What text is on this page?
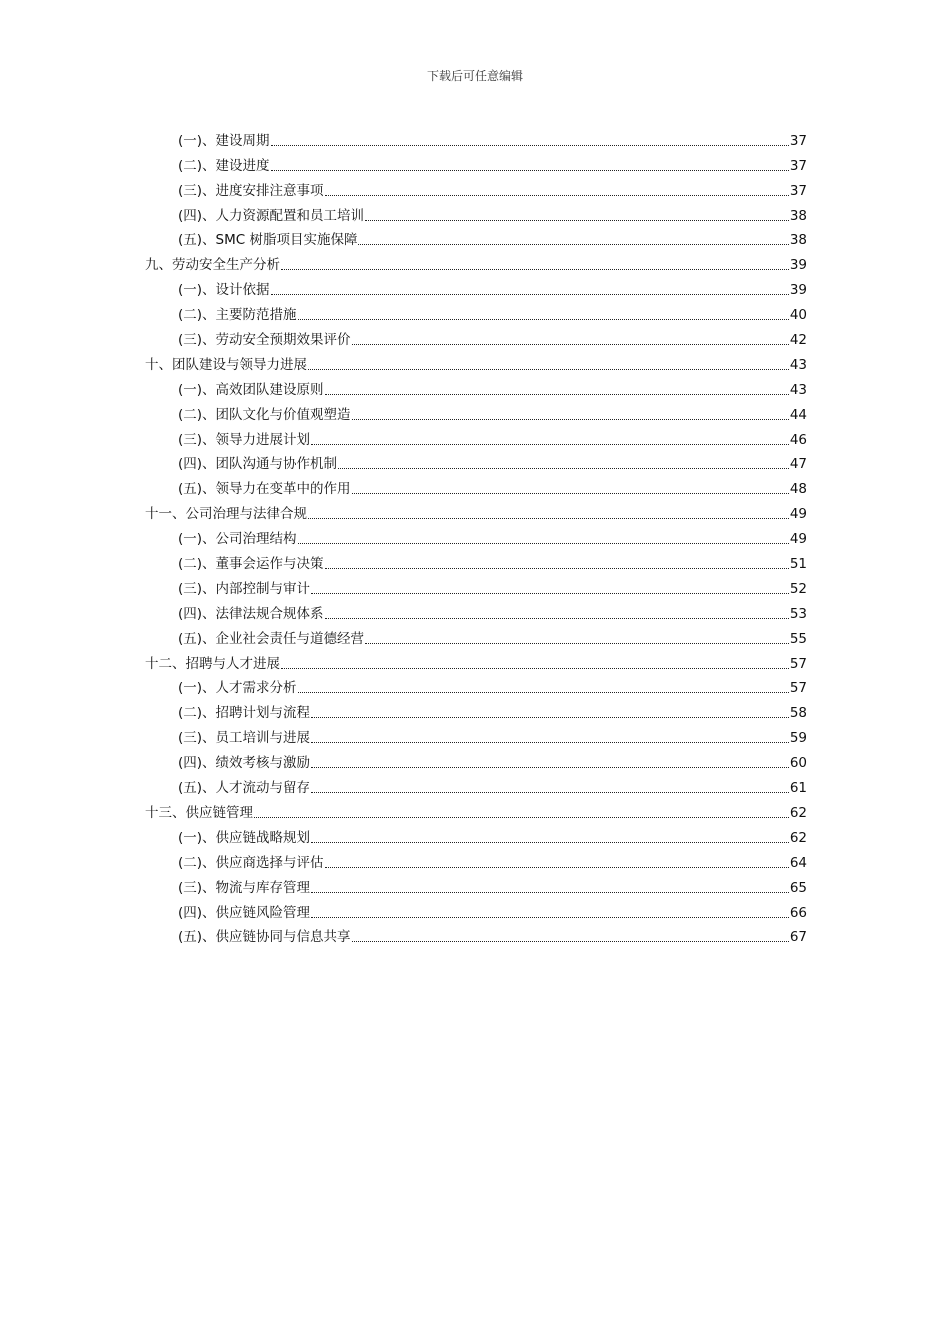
下载后可任意编辑
(一)、建设周期	37
(二)、建设进度	37
(三)、进度安排注意事项	37
(四)、人力资源配置和员工培训	38
(五)、SMC 树脂项目实施保障	38
九、劳动安全生产分析	39
(一)、设计依据	39
(二)、主要防范措施	40
(三)、劳动安全预期效果评价	42
十、团队建设与领导力进展	43
(一)、高效团队建设原则	43
(二)、团队文化与价值观塑造	44
(三)、领导力进展计划	46
(四)、团队沟通与协作机制	47
(五)、领导力在变革中的作用	48
十一、公司治理与法律合规	49
(一)、公司治理结构	49
(二)、董事会运作与决策	51
(三)、内部控制与审计	52
(四)、法律法规合规体系	53
(五)、企业社会责任与道德经营	55
十二、招聘与人才进展	57
(一)、人才需求分析	57
(二)、招聘计划与流程	58
(三)、员工培训与进展	59
(四)、绩效考核与激励	60
(五)、人才流动与留存	61
十三、供应链管理	62
(一)、供应链战略规划	62
(二)、供应商选择与评估	64
(三)、物流与库存管理	65
(四)、供应链风险管理	66
(五)、供应链协同与信息共享	67
